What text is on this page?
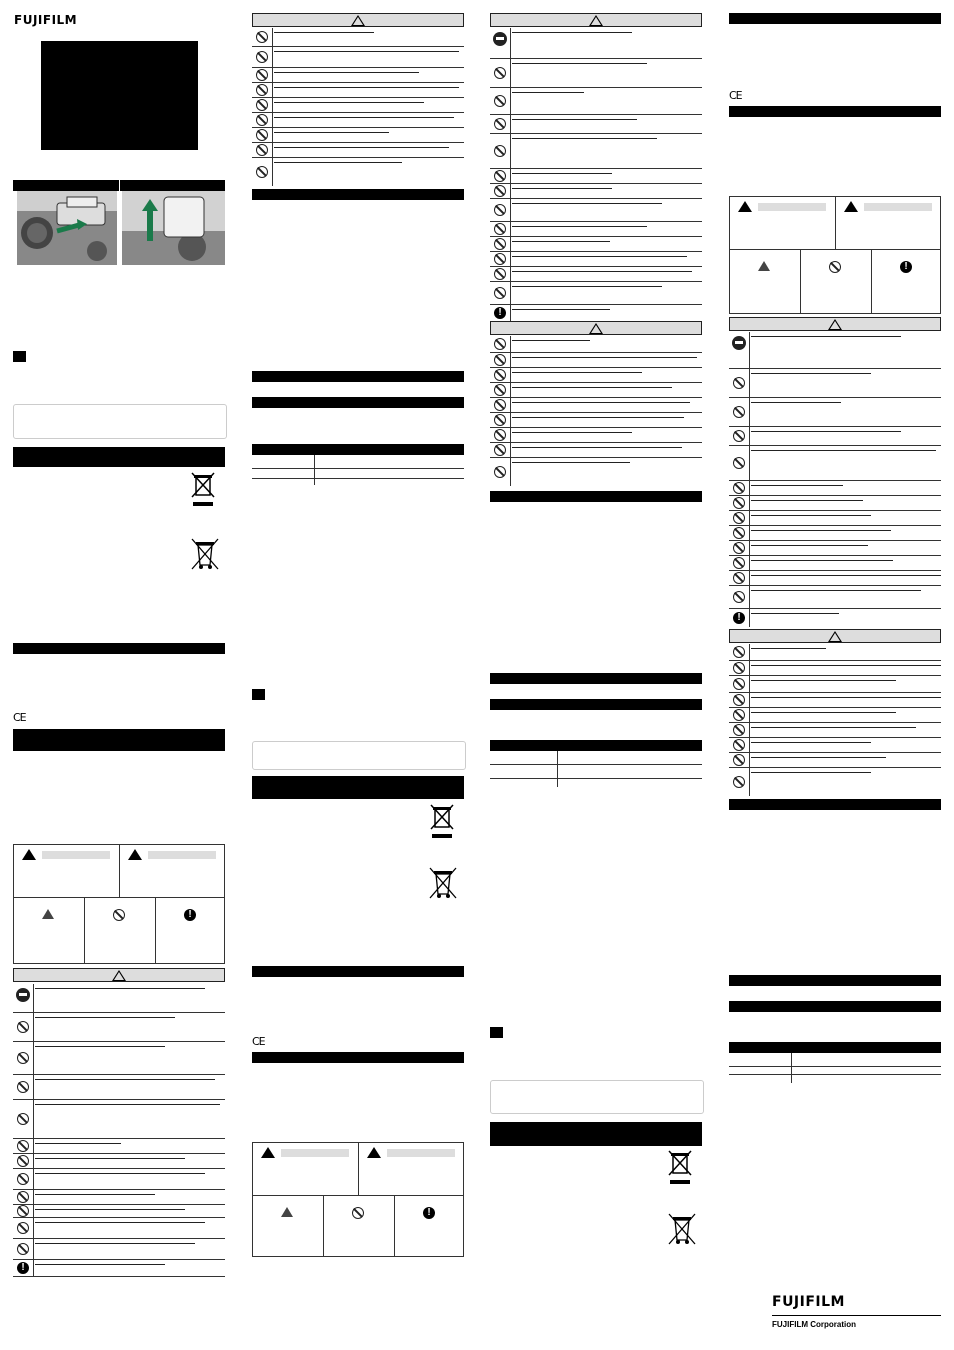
FUJIFILM
CE
!
!
CE
!
!
CE
!
!
FUJIFILM
FUJIFILM Corporation
